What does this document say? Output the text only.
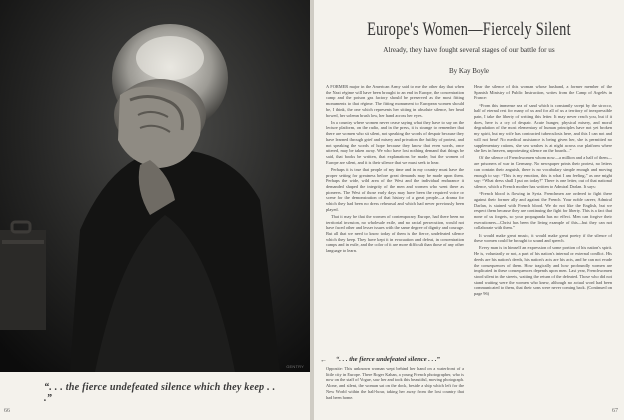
GENTRY
“. . . the fierce undefeated silence which they keep . . .”
66
Europe's Women—Fiercely Silent
Already, they have fought several stages of our battle for us
By Kay Boyle

A FORMER major in the American Army said to me the other day that when the Nazi régime will have been brought to an end in Europe, the concentration camp and the poison gas factory should be preserved as the most fitting monuments to that régime. The fitting monument to European women should be, I think, the one which represents her sitting in absolute silence, her head bowed, her solemn brush low, her hand across her eyes.

In a country where women never cease saying what they have to say on the lecture platform, on the radio, and in the press, it is strange to remember that there are women who sit silent, not speaking the words of despair because they have learned through grief and misery and privation the futility of protest, and not speaking the words of hope because they know that even words, once uttered, may be taken away. We who have lost nothing demand that things be said, that books be written, that explanations be made; but the women of Europe are silent, and it is their silence that we must seek to hear.

Perhaps it is true that people of my time and in my country must have the proper setting for greatness before great demands may be made upon them. Perhaps the wide, wild area of the West and the individual endurance it demanded shaped the integrity of the men and women who went there as pioneers. The West of those early days may have been the required voice or scene for the demonstration of that history of a great people—a drama for which they had been no dress rehearsal and which had never previously been played.

That it may be that the women of contemporary Europe, had there been no territorial invasion, no wholesale exile, and no racial persecution, would not have faced other and lesser issues with the same degree of dignity and courage. But all that we need to know today of them is the fierce, undefeated silence which they keep. They have kept it in evacuation and defeat, in concentration camps and in exile, and the color of it are more difficult than those of any other language to learn.

← “. . . the fierce undefeated silence . . .”
Opposite: This unknown woman wept behind her hand on a waterfront of a little city in Europe. There Roger Kahan, a young French photographer, who is now on the staff of Vogue, saw her and took this beautiful, moving photograph. Alone, and silent, the woman sat on the dock, beside a ship which left for the New World within the half-hour, taking her away from the lost country that had been home.

Hear the silence of this woman whose husband, a former member of the Spanish Ministry of Public Instruction, writes from the Camp of Argelès in France:

“From this immense sea of sand which is constantly swept by the sirocco, half of eternal rest for many of us and for all of us a territory of inexpressible pain, I take the liberty of writing this letter. It may never reach you, but if it does, here is a cry of despair. Acute hunger, physical misery, and moral degradation of the most elementary of human principles have not yet broken my spirit, but my wife has contracted tuberculosis here, and this I can not and will not bear! No medical assistance is being given her, she is permitted no supplementary rations, she sea washes is at night across our platform where she lies in heaven, unprotesting silence on the boards...”

Of the silence of Frenchwomen whom now—a million and a half of them—are prisoners of war in Germany. No newspaper prints their protest, no letters can contain their anguish, there is no vocabulary simple enough and moving enough to say: “This is my emotion, this is what I am feeling,” as one might say: “What dress shall I put on today?” There is one letter, out of that national silence, which a French mother has written to Admiral Darlan. It says:

“French blood is flowing in Syria. Frenchmen are ordered to fight there against their former ally and against the French. Your noble career, Admiral Darlan, is stained with French blood. We do not like the English, but we respect them because they are continuing the fight for liberty. This is a fact that none of us forgets, so your propaganda has no effect. Men can forgive their executioners—Christ has been the living example of this—but they can not collaborate with them.”

It would make great music, it would make great poetry if the silence of these women could be brought to sound and speech.

Every man is in himself an expression of some portion of his nation's spirit. He is, voluntarily or not, a part of his nation's internal or external conflict. His deeds are his nation's deeds, his nation's acts are his acts, and he can not evade the consequences of them. How tragically and how profoundly women are implicated in these consequences depends upon men. Last year, Frenchwomen stood silent in the streets, waiting the return of the defeated. Those who did not stand waiting were the women who knew, although no actual word had been communicated to them, that their sons were never coming back. (Continued on page 96)

67
